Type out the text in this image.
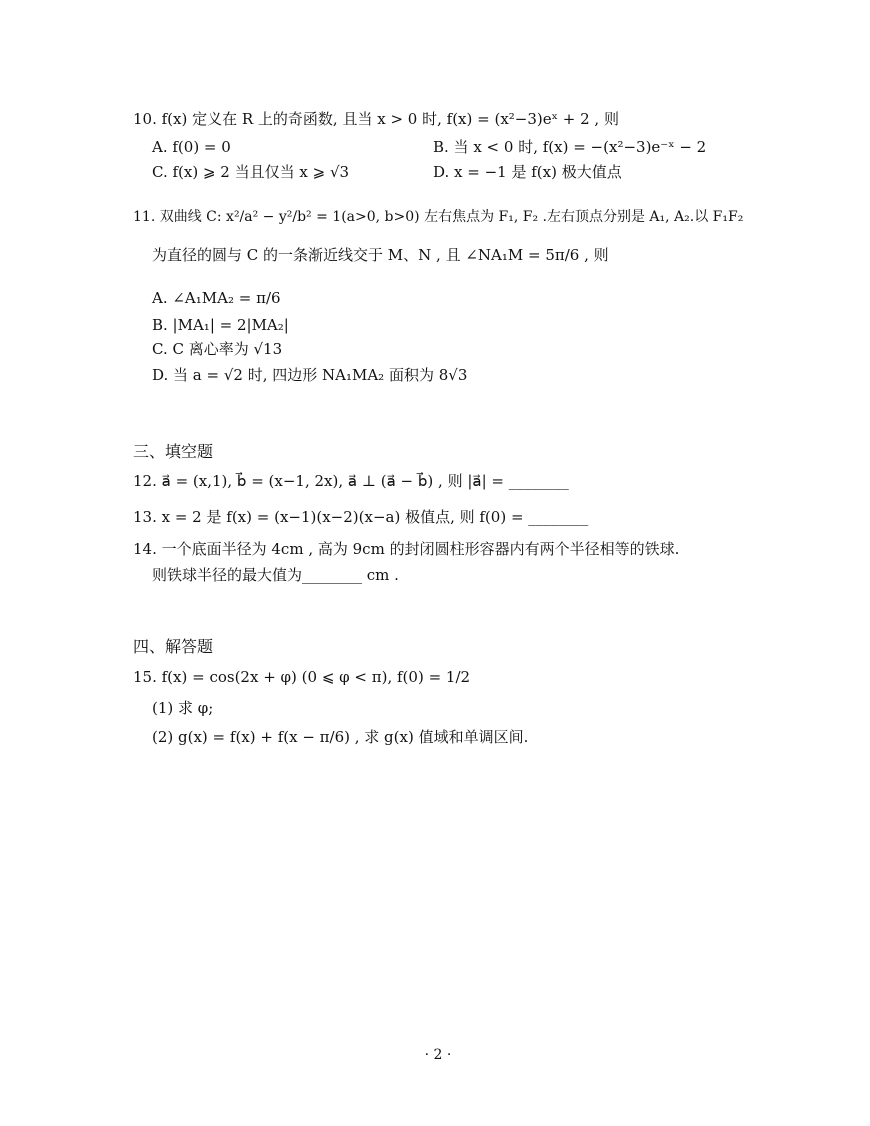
10. f(x) 定义在 R 上的奇函数, 且当 x > 0 时, f(x) = (x²−3)eˣ + 2 , 则
A. f(0) = 0	B. 当 x < 0 时, f(x) = −(x²−3)e⁻ˣ − 2
C. f(x) ⩾ 2 当且仅当 x ⩾ √3	D. x = −1 是 f(x) 极大值点
11. 双曲线 C: x²/a² − y²/b² = 1(a>0, b>0) 左右焦点为 F₁, F₂ .左右顶点分别是 A₁, A₂.以 F₁F₂
为直径的圆与 C 的一条渐近线交于 M、N , 且 ∠NA₁M = 5π/6 , 则
A. ∠A₁MA₂ = π/6
B. |MA₁| = 2|MA₂|
C. C 离心率为 √13
D. 当 a = √2 时, 四边形 NA₁MA₂ 面积为 8√3
三、填空题
12. a⃗ = (x,1), b⃗ = (x−1, 2x), a⃗ ⊥ (a⃗ − b⃗) , 则 |a⃗| = ________
13. x = 2 是 f(x) = (x−1)(x−2)(x−a) 极值点, 则 f(0) = ________
14. 一个底面半径为 4cm , 高为 9cm 的封闭圆柱形容器内有两个半径相等的铁球.
则铁球半径的最大值为________ cm .
四、解答题
15. f(x) = cos(2x + φ) (0 ⩽ φ < π), f(0) = 1/2
(1) 求 φ;
(2) g(x) = f(x) + f(x − π/6) , 求 g(x) 值域和单调区间.
· 2 ·
